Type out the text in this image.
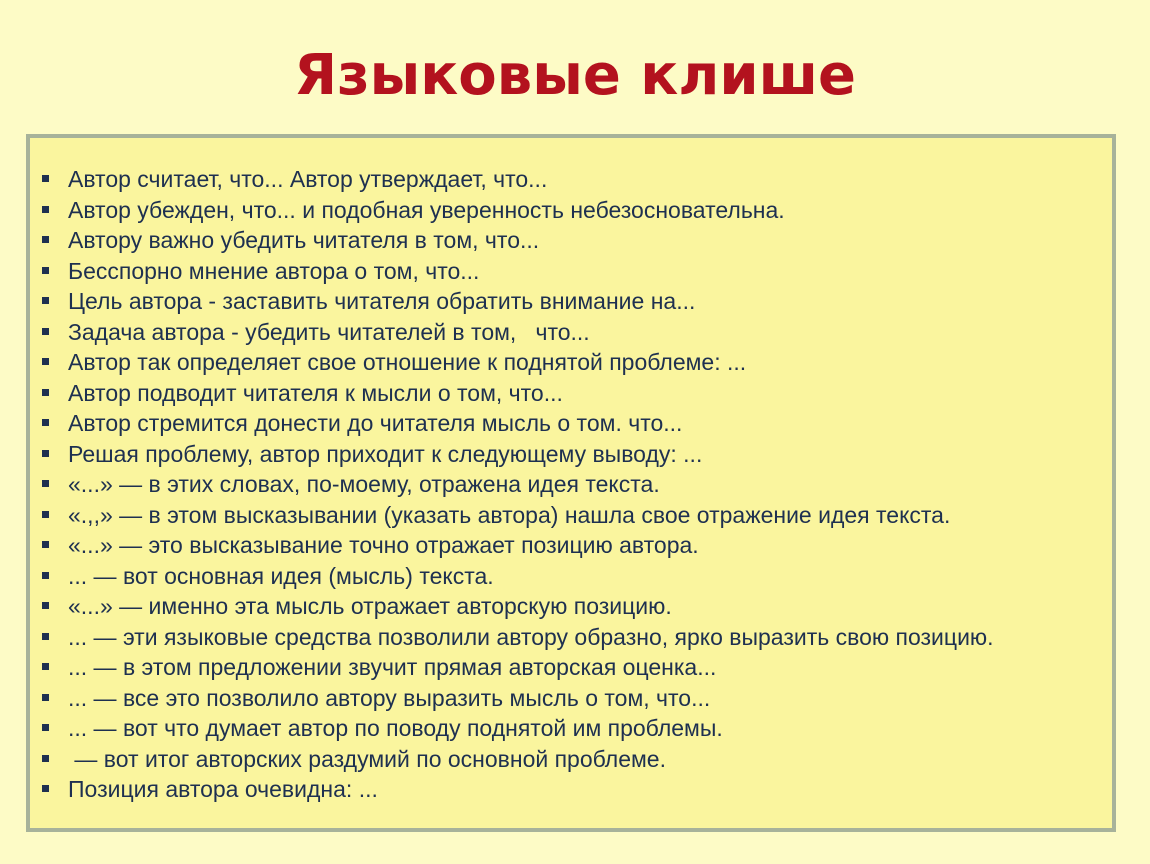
Языковые клише
Автор считает, что... Автор утверждает, что...
Автор убежден, что... и подобная уверенность небезосновательна.
Автору важно убедить читателя в том, что...
Бесспорно мнение автора о том, что...
Цель автора - заставить читателя обратить внимание на...
Задача автора - убедить читателей в том,   что...
Автор так определяет свое отношение к поднятой проблеме: ...
Автор подводит читателя к мысли о том, что...
Автор стремится донести до читателя мысль о том. что...
Решая проблему, автор приходит к следующему выводу: ...
«...» — в этих словах, по-моему, отражена идея текста.
«.,,» — в этом высказывании (указать автора) нашла свое отражение идея текста.
«...» — это высказывание точно отражает позицию автора.
... — вот основная идея (мысль) текста.
«...» — именно эта мысль отражает авторскую позицию.
... — эти языковые средства позволили автору образно, ярко выразить свою позицию.
... — в этом предложении звучит прямая авторская оценка...
... — все это позволило автору выразить мысль о том, что...
... — вот что думает автор по поводу поднятой им проблемы.
— вот итог авторских раздумий по основной проблеме.
Позиция автора очевидна: ...
